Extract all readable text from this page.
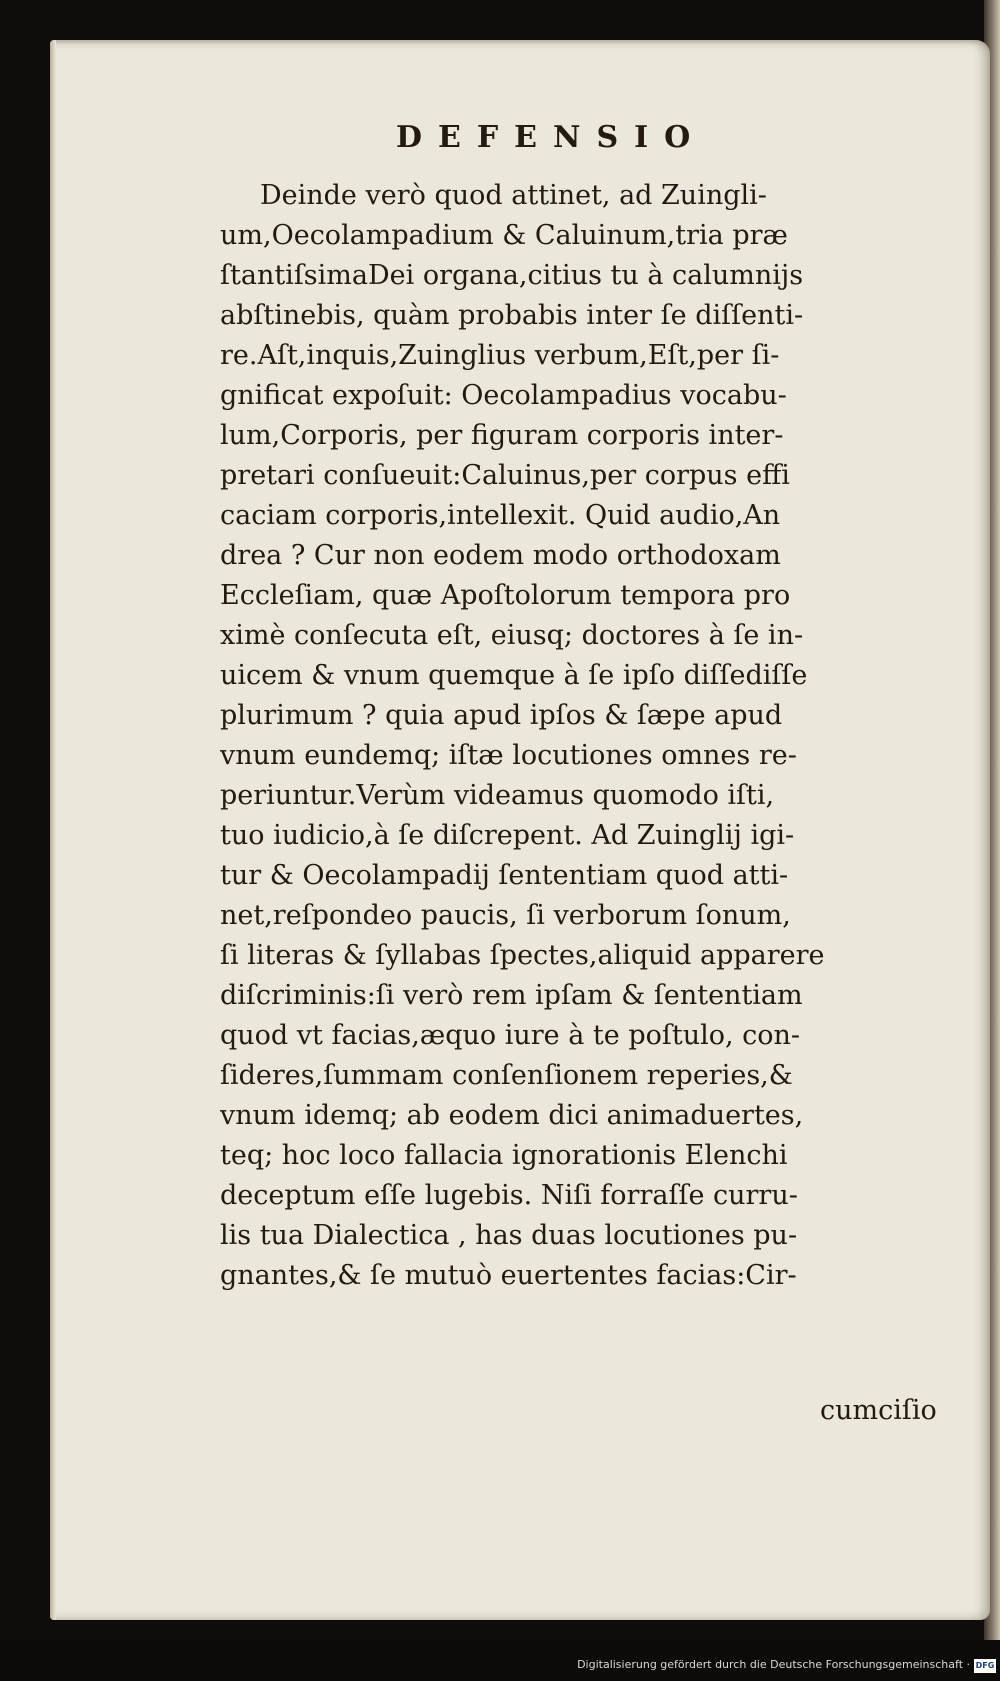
DEFENSIO
Deinde verò quod attinet, ad Zuingli-
um,Oecolampadium & Caluinum,tria præ
ſtantiſsimaDei organa,citius tu à calumnijs
abſtinebis, quàm probabis inter ſe diſſenti-
re.Aſt,inquis,Zuinglius verbum,Eſt,per ſi-
gnificat expoſuit: Oecolampadius vocabu-
lum,Corporis, per figuram corporis inter-
pretari conſueuit:Caluinus,per corpus effi
caciam corporis,intellexit. Quid audio,An
drea ? Cur non eodem modo orthodoxam
Eccleſiam, quæ Apoſtolorum tempora pro
ximè conſecuta eſt, eiusq; doctores à ſe in-
uicem & vnum quemque à ſe ipſo diſſediſſe
plurimum ? quia apud ipſos & ſæpe apud
vnum eundemq; iſtæ locutiones omnes re-
periuntur.Verùm videamus quomodo iſti,
tuo iudicio,à ſe diſcrepent. Ad Zuinglij igi-
tur & Oecolampadij ſententiam quod atti-
net,reſpondeo paucis, ſi verborum ſonum,
ſi literas & ſyllabas ſpectes,aliquid apparere
diſcriminis:ſi verò rem ipſam & ſententiam
quod vt facias,æquo iure à te poſtulo, con-
ſideres,ſummam conſenſionem reperies,&
vnum idemq; ab eodem dici animaduertes,
teq; hoc loco fallacia ignorationis Elenchi
deceptum eſſe lugebis. Niſi forraſſe curru-
lis tua Dialectica , has duas locutiones pu-
gnantes,& ſe mutuò euertentes facias:Cir-
cumciſio
Digitalisierung gefördert durch die Deutsche Forschungsgemeinschaft · DFG
